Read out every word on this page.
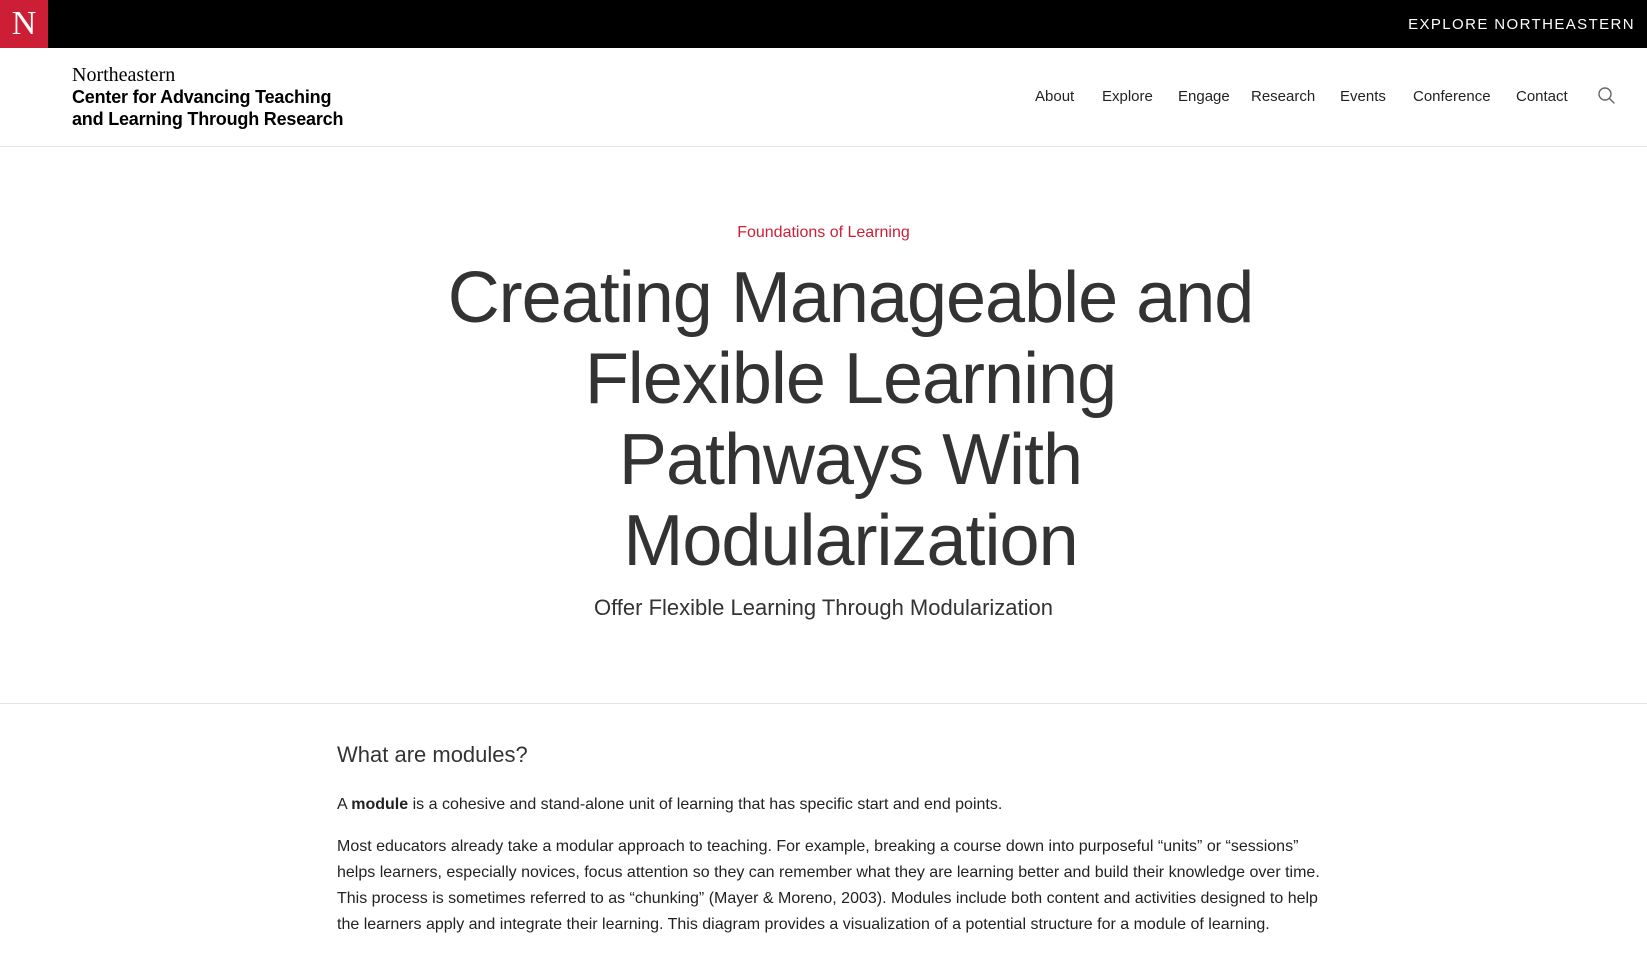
N	EXPLORE NORTHEASTERN
Northeastern
Center for Advancing Teaching
and Learning Through Research
About Explore Engage Research Events Conference Contact
Foundations of Learning
Creating Manageable and
Flexible Learning
Pathways With
Modularization
Offer Flexible Learning Through Modularization
What are modules?

A module is a cohesive and stand-alone unit of learning that has specific start and end points.

Most educators already take a modular approach to teaching. For example, breaking a course down into purposeful “units” or “sessions”
helps learners, especially novices, focus attention so they can remember what they are learning better and build their knowledge over time.
This process is sometimes referred to as “chunking” (Mayer & Moreno, 2003). Modules include both content and activities designed to help
the learners apply and integrate their learning. This diagram provides a visualization of a potential structure for a module of learning.
